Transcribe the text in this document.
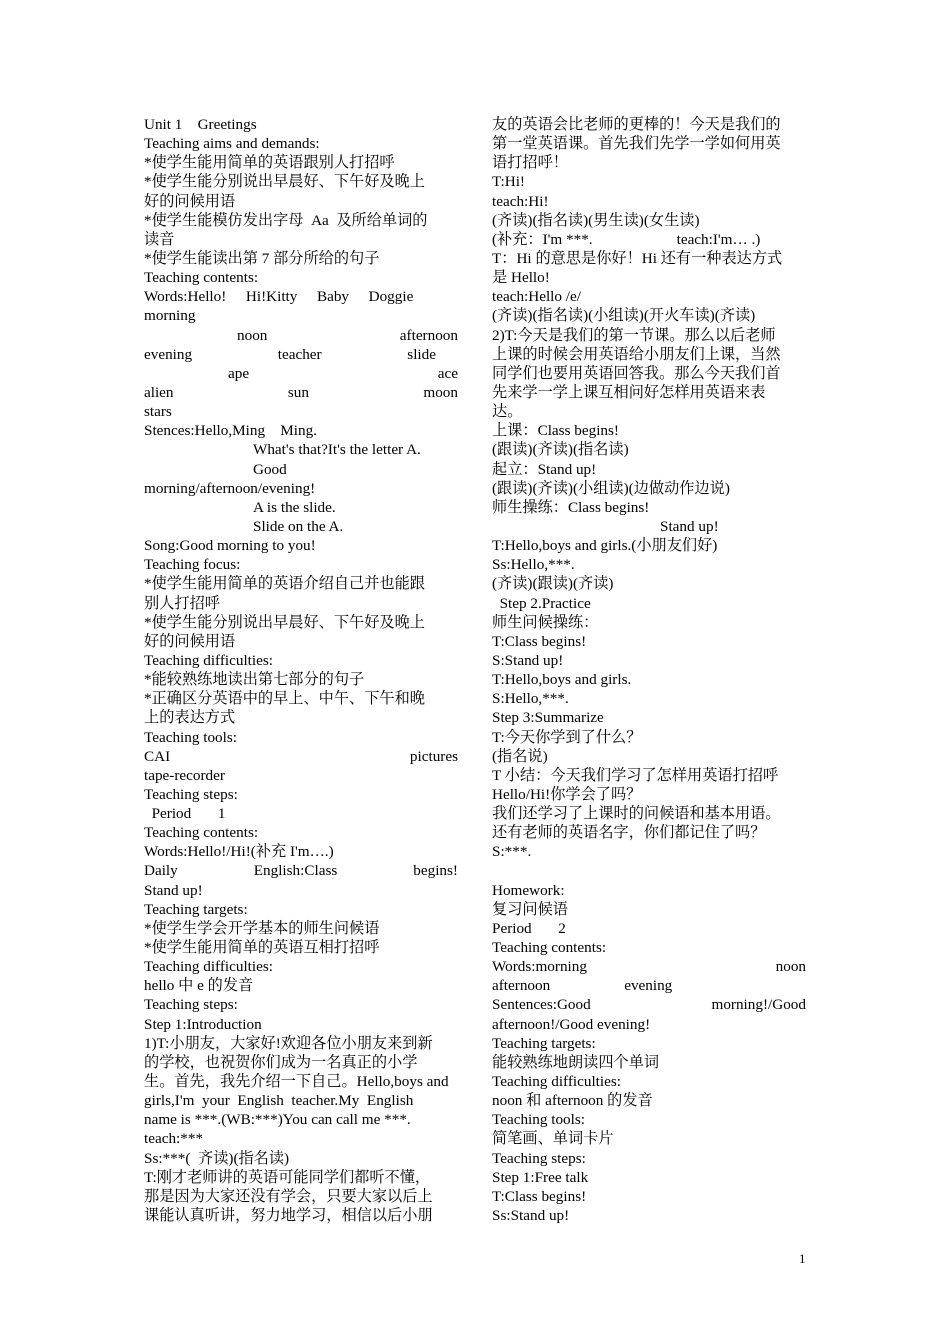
Unit 1    Greetings
Teaching aims and demands:
*使学生能用简单的英语跟别人打招呼
*使学生能分别说出早晨好、下午好及晚上
好的问候用语
*使学生能模仿发出字母  Aa  及所给单词的
读音
*使学生能读出第 7 部分所给的句子
Teaching contents:
Words:Hello!  Hi!Kitty  Baby  Doggie
morning
noon	afternoon
evening	teacher	slide
ape	ace
alien	sun	moon
stars
Stences:Hello,Ming    Ming.
What's that?It's the letter A.
Good
morning/afternoon/evening!
A is the slide.
Slide on the A.
Song:Good morning to you!
Teaching focus:
*使学生能用简单的英语介绍自己并也能跟
别人打招呼
*使学生能分别说出早晨好、下午好及晚上
好的问候用语
Teaching difficulties:
*能较熟练地读出第七部分的句子
*正确区分英语中的早上、中午、下午和晚
上的表达方式
Teaching tools:
CAI	pictures
tape-recorder
Teaching steps:
Period       1
Teaching contents:
Words:Hello!/Hi!(补充 I'm….)
Daily	English:Class	begins!
Stand up!
Teaching targets:
*使学生学会开学基本的师生问候语
*使学生能用简单的英语互相打招呼
Teaching difficulties:
hello 中 e 的发音
Teaching steps:
Step 1:Introduction
1)T:小朋友，大家好!欢迎各位小朋友来到新
的学校，也祝贺你们成为一名真正的小学
生。首先，我先介绍一下自己。Hello,boys and
girls,I'm  your  English  teacher.My  English
name is ***.(WB:***)You can call me ***.
teach:***
Ss:***(  齐读)(指名读)
T:刚才老师讲的英语可能同学们都听不懂，
那是因为大家还没有学会，只要大家以后上
课能认真听讲，努力地学习，相信以后小朋
友的英语会比老师的更棒的！今天是我们的
第一堂英语课。首先我们先学一学如何用英
语打招呼！
T:Hi!
teach:Hi!
(齐读)(指名读)(男生读)(女生读)
(补充：I'm ***.	teach:I'm… .)
T：Hi 的意思是你好！Hi 还有一种表达方式
是 Hello!
teach:Hello /e/
(齐读)(指名读)(小组读)(开火车读)(齐读)
2)T:今天是我们的第一节课。那么以后老师
上课的时候会用英语给小朋友们上课，当然
同学们也要用英语回答我。那么今天我们首
先来学一学上课互相问好怎样用英语来表
达。
上课：Class begins!
(跟读)(齐读)(指名读)
起立：Stand up!
(跟读)(齐读)(小组读)(边做动作边说)
师生操练：Class begins!
Stand up!
T:Hello,boys and girls.(小朋友们好)
Ss:Hello,***.
(齐读)(跟读)(齐读)
Step 2.Practice
师生问候操练：
T:Class begins!
S:Stand up!
T:Hello,boys and girls.
S:Hello,***.
Step 3:Summarize
T:今天你学到了什么？
(指名说)
T 小结：今天我们学习了怎样用英语打招呼
Hello/Hi!你学会了吗？
我们还学习了上课时的问候语和基本用语。
还有老师的英语名字，你们都记住了吗？
S:***.
Homework:
复习问候语
Period       2
Teaching contents:
Words:morning	noon
afternoon	evening
Sentences:Good	morning!/Good
afternoon!/Good evening!
Teaching targets:
能较熟练地朗读四个单词
Teaching difficulties:
noon 和 afternoon 的发音
Teaching tools:
简笔画、单词卡片
Teaching steps:
Step 1:Free talk
T:Class begins!
Ss:Stand up!
1
